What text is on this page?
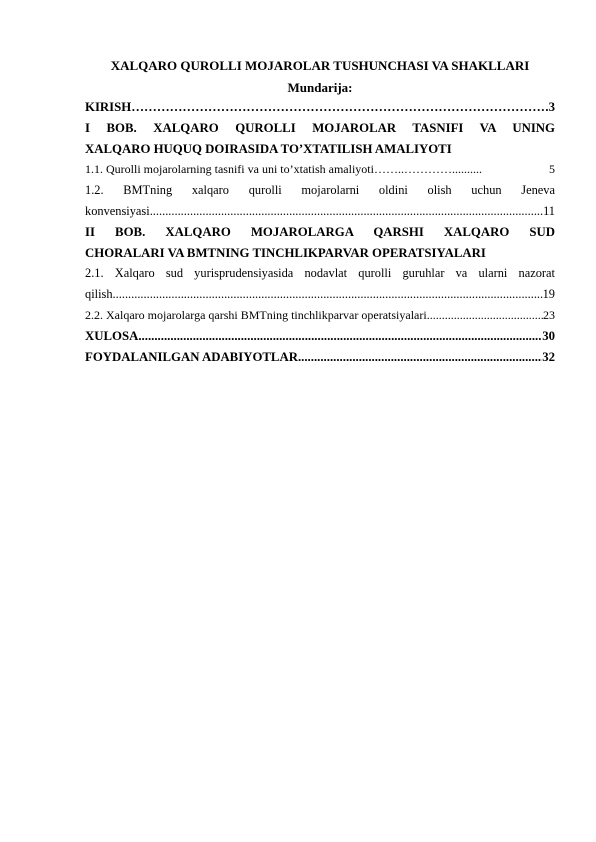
XALQARO QUROLLI MOJAROLAR TUSHUNCHASI VA SHAKLLARI
Mundarija:
KIRISH ………………………………………………………………………………………………………………………………………………………………………	.3
I BOB. XALQARO QUROLLI MOJAROLAR TASNIFI VA UNING
XALQARO HUQUQ DOIRASIDA TO’XTATILISH AMALIYOTI
1.1. Qurolli mojarolarning tasnifi va uni to’xtatish amaliyoti ……..…………..........	5
1.2. BMTning xalqaro qurolli mojarolarni oldini olish uchun Jeneva
konvensiyasi .....	11
II BOB. XALQARO MOJAROLARGA QARSHI XALQARO SUD
CHORALARI VA BMTNING TINCHLIKPARVAR OPERATSIYALARI
2.1. Xalqaro sud yurisprudensiyasida nodavlat qurolli guruhlar va ularni nazorat
qilish .....	19
2.2. Xalqaro mojarolarga qarshi BMTning tinchlikparvar operatsiyalari .....	23
XULOSA .....	30
FOYDALANILGAN ADABIYOTLAR .....	32
